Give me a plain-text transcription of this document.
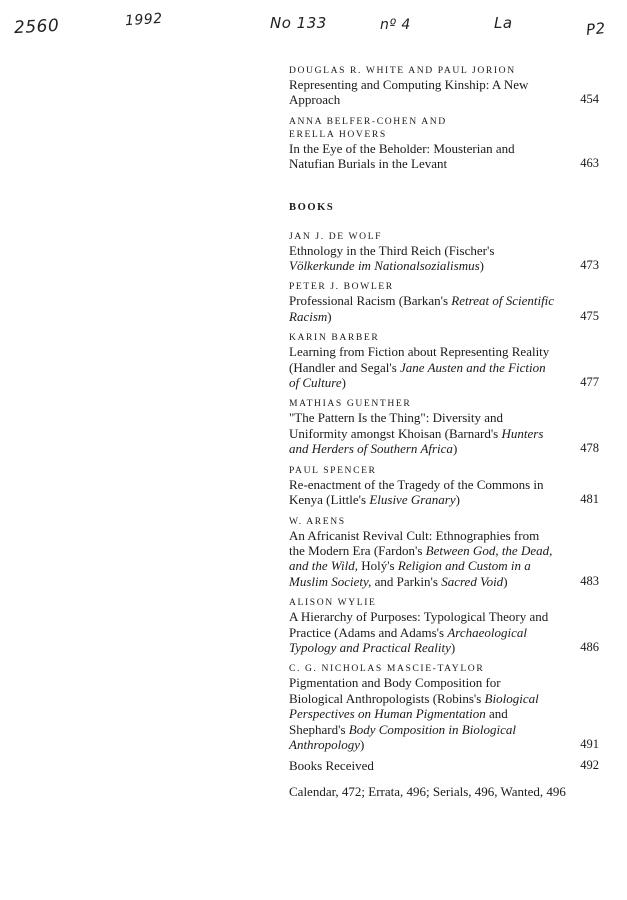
2560	1992	No 133	nº 4	La	P2
DOUGLAS R. WHITE AND PAUL JORION
Representing and Computing Kinship: A New Approach	454
ANNA BELFER-COHEN AND
ERELLA HOVERS
In the Eye of the Beholder: Mousterian and Natufian Burials in the Levant	463
BOOKS
JAN J. DE WOLF
Ethnology in the Third Reich (Fischer's Völkerkunde im Nationalsozialismus)	473
PETER J. BOWLER
Professional Racism (Barkan's Retreat of Scientific Racism)	475
KARIN BARBER
Learning from Fiction about Representing Reality (Handler and Segal's Jane Austen and the Fiction of Culture)	477
MATHIAS GUENTHER
"The Pattern Is the Thing": Diversity and Uniformity amongst Khoisan (Barnard's Hunters and Herders of Southern Africa)	478
PAUL SPENCER
Re-enactment of the Tragedy of the Commons in Kenya (Little's Elusive Granary)	481
W. ARENS
An Africanist Revival Cult: Ethnographies from the Modern Era (Fardon's Between God, the Dead, and the Wild, Holý's Religion and Custom in a Muslim Society, and Parkin's Sacred Void)	483
ALISON WYLIE
A Hierarchy of Purposes: Typological Theory and Practice (Adams and Adams's Archaeological Typology and Practical Reality)	486
C. G. NICHOLAS MASCIE-TAYLOR
Pigmentation and Body Composition for Biological Anthropologists (Robins's Biological Perspectives on Human Pigmentation and Shephard's Body Composition in Biological Anthropology)	491
Books Received	492
Calendar, 472; Errata, 496; Serials, 496, Wanted, 496
